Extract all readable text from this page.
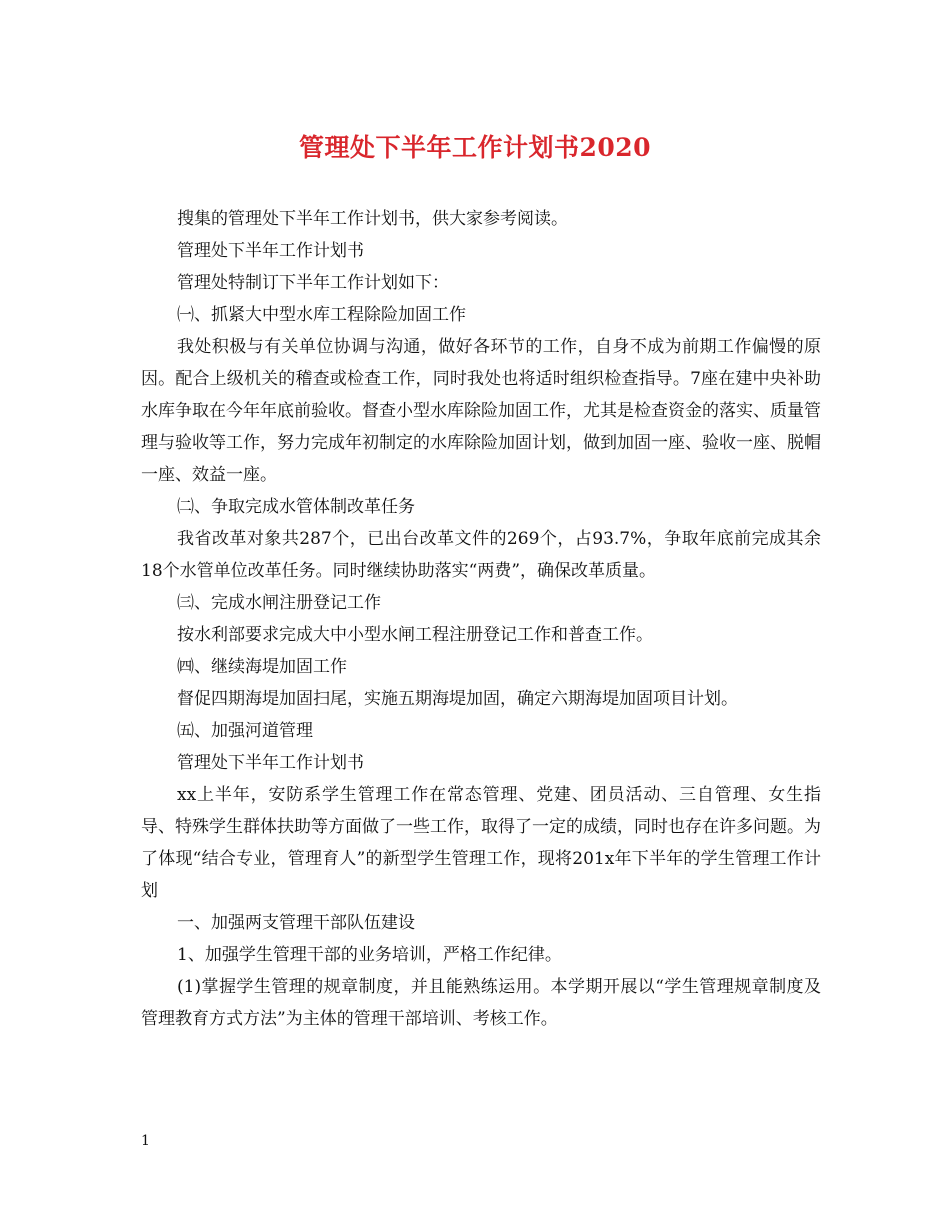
管理处下半年工作计划书2020

搜集的管理处下半年工作计划书，供大家参考阅读。

管理处下半年工作计划书

管理处特制订下半年工作计划如下：

㈠、抓紧大中型水库工程除险加固工作

我处积极与有关单位协调与沟通，做好各环节的工作，自身不成为前期工作偏慢的原因。配合上级机关的稽查或检查工作，同时我处也将适时组织检查指导。7座在建中央补助水库争取在今年年底前验收。督查小型水库除险加固工作，尤其是检查资金的落实、质量管理与验收等工作，努力完成年初制定的水库除险加固计划，做到加固一座、验收一座、脱帽一座、效益一座。

㈡、争取完成水管体制改革任务

我省改革对象共287个，已出台改革文件的269个，占93.7%，争取年底前完成其余18个水管单位改革任务。同时继续协助落实“两费”，确保改革质量。

㈢、完成水闸注册登记工作

按水利部要求完成大中小型水闸工程注册登记工作和普查工作。

㈣、继续海堤加固工作

督促四期海堤加固扫尾，实施五期海堤加固，确定六期海堤加固项目计划。

㈤、加强河道管理

管理处下半年工作计划书

xx上半年，安防系学生管理工作在常态管理、党建、团员活动、三自管理、女生指导、特殊学生群体扶助等方面做了一些工作，取得了一定的成绩，同时也存在许多问题。为了体现“结合专业，管理育人”的新型学生管理工作，现将201x年下半年的学生管理工作计划

一、加强两支管理干部队伍建设

1、加强学生管理干部的业务培训，严格工作纪律。

(1)掌握学生管理的规章制度，并且能熟练运用。本学期开展以“学生管理规章制度及管理教育方式方法”为主体的管理干部培训、考核工作。

1
